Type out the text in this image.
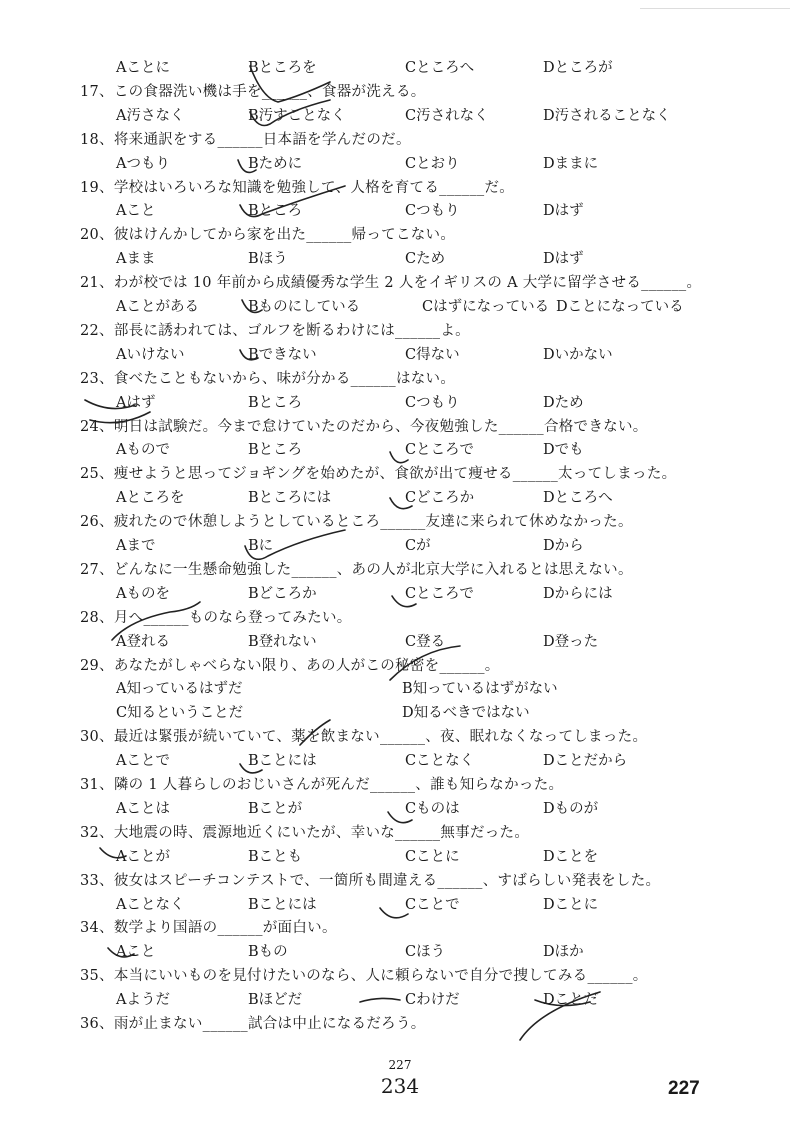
Aことに	Bところを	Cところへ	Dところが
17、この食器洗い機は手を______、食器が洗える。
A汚さなく	B汚すことなく	C汚されなく	D汚されることなく
18、将来通訳をする______日本語を学んだのだ。
Aつもり	Bために	Cとおり	Dままに
19、学校はいろいろな知識を勉強して、人格を育てる______だ。
Aこと	Bところ	Cつもり	Dはず
20、彼はけんかしてから家を出た______帰ってこない。
Aまま	Bほう	Cため	Dはず
21、わが校では 10 年前から成績優秀な学生 2 人をイギリスの A 大学に留学させる______。
Aことがある	Bものにしている	Cはずになっている Dことになっている
22、部長に誘われては、ゴルフを断るわけには______よ。
Aいけない	Bできない	C得ない	Dいかない
23、食べたこともないから、味が分かる______はない。
Aはず	Bところ	Cつもり	Dため
24、明日は試験だ。今まで怠けていたのだから、今夜勉強した______合格できない。
Aもので	Bところ	Cところで	Dでも
25、痩せようと思ってジョギングを始めたが、食欲が出て痩せる______太ってしまった。
Aところを	Bところには	Cどころか	Dところへ
26、疲れたので休憩しようとしているところ______友達に来られて休めなかった。
Aまで	Bに	Cが	Dから
27、どんなに一生懸命勉強した______、あの人が北京大学に入れるとは思えない。
Aものを	Bどころか	Cところで	Dからには
28、月へ______ものなら登ってみたい。
A登れる	B登れない	C登る	D登った
29、あなたがしゃべらない限り、あの人がこの秘密を______。
A知っているはずだ	B知っているはずがない
C知るということだ	D知るべきではない
30、最近は緊張が続いていて、薬を飲まない______、夜、眠れなくなってしまった。
Aことで	Bことには	Cことなく	Dことだから
31、隣の 1 人暮らしのおじいさんが死んだ______、誰も知らなかった。
Aことは	Bことが	Cものは	Dものが
32、大地震の時、震源地近くにいたが、幸いな______無事だった。
Aことが	Bことも	Cことに	Dことを
33、彼女はスピーチコンテストで、一箇所も間違える______、すばらしい発表をした。
Aことなく	Bことには	Cことで	Dことに
34、数学より国語の______が面白い。
Aこと	Bもの	Cほう	Dほか
35、本当にいいものを見付けたいのなら、人に頼らないで自分で捜してみる______。
Aようだ	Bほどだ	Cわけだ	Dことだ
36、雨が止まない______試合は中止になるだろう。
227
234	227
